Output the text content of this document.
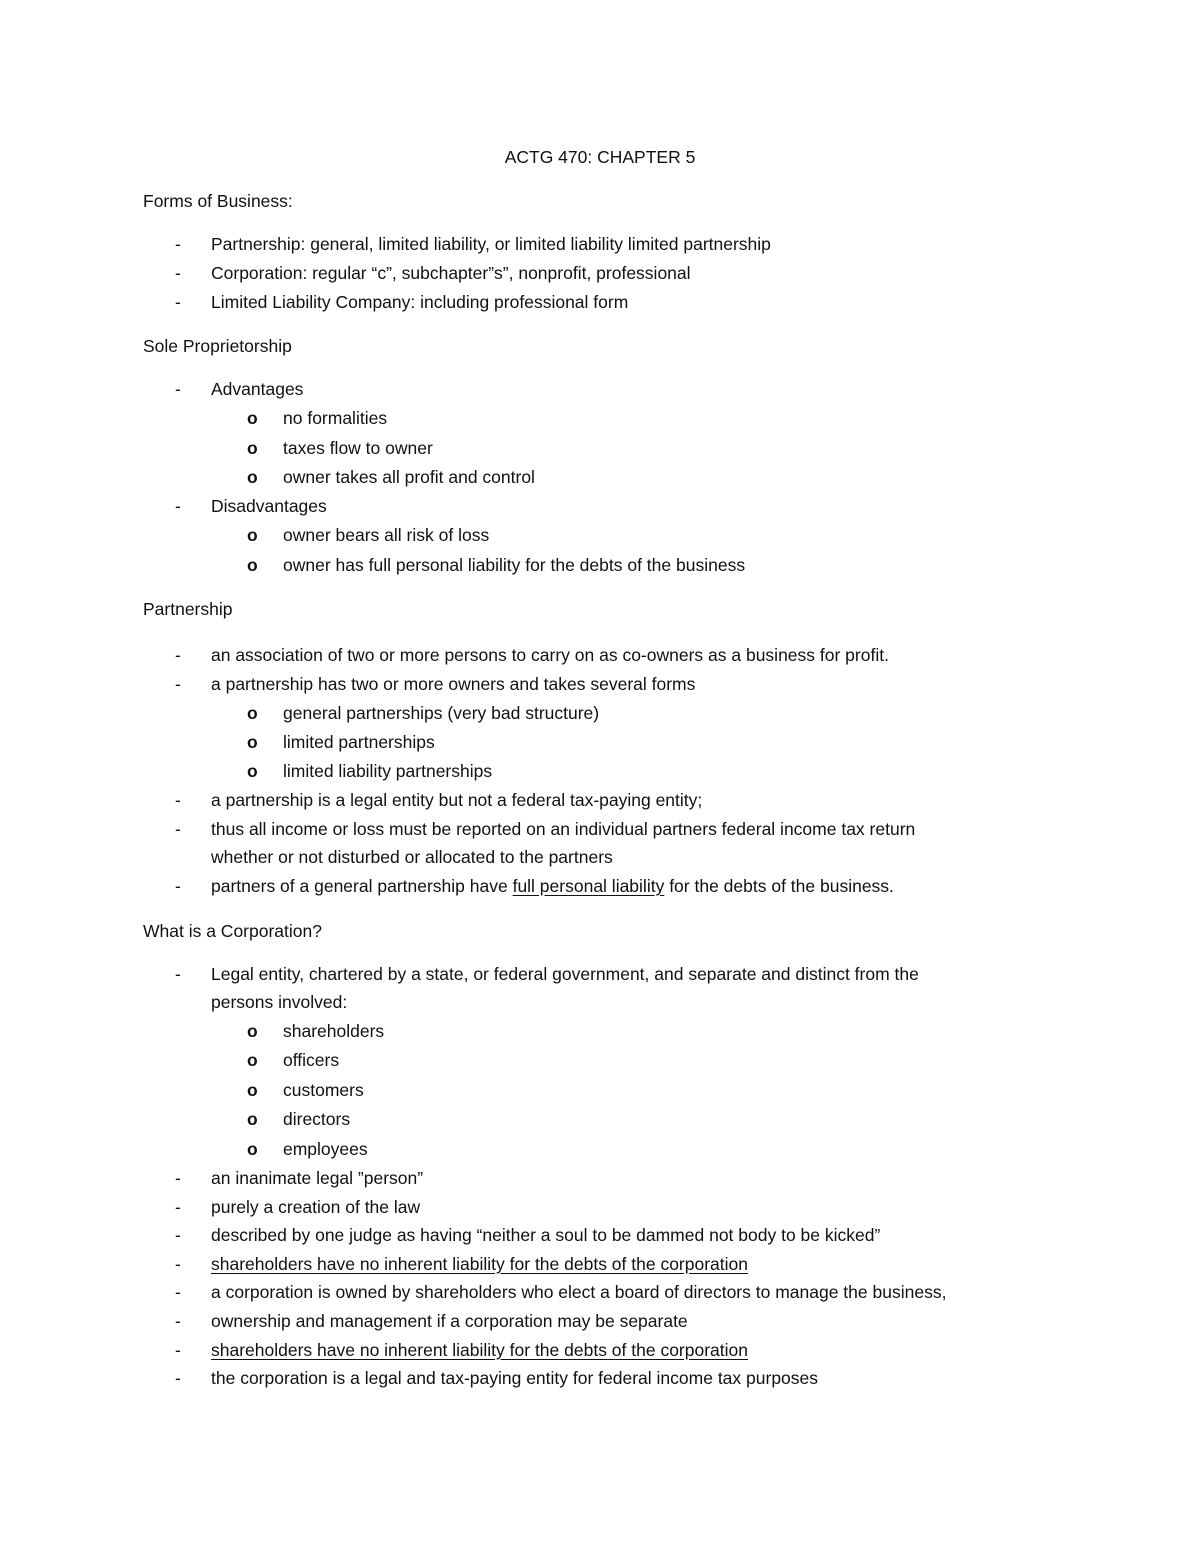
ACTG 470: CHAPTER 5
Forms of Business:
- Partnership: general, limited liability, or limited liability limited partnership
- Corporation: regular “c”, subchapter”s”, nonprofit, professional
- Limited Liability Company: including professional form
Sole Proprietorship
- Advantages
o no formalities
o taxes flow to owner
o owner takes all profit and control
- Disadvantages
o owner bears all risk of loss
o owner has full personal liability for the debts of the business
Partnership
- an association of two or more persons to carry on as co-owners as a business for profit.
- a partnership has two or more owners and takes several forms
o general partnerships (very bad structure)
o limited partnerships
o limited liability partnerships
- a partnership is a legal entity but not a federal tax-paying entity;
- thus all income or loss must be reported on an individual partners federal income tax return
whether or not disturbed or allocated to the partners
- partners of a general partnership have full personal liability for the debts of the business.
What is a Corporation?
- Legal entity, chartered by a state, or federal government, and separate and distinct from the
persons involved:
o shareholders
o officers
o customers
o directors
o employees
- an inanimate legal ”person”
- purely a creation of the law
- described by one judge as having “neither a soul to be dammed not body to be kicked”
- shareholders have no inherent liability for the debts of the corporation
- a corporation is owned by shareholders who elect a board of directors to manage the business,
- ownership and management if a corporation may be separate
- shareholders have no inherent liability for the debts of the corporation
- the corporation is a legal and tax-paying entity for federal income tax purposes
